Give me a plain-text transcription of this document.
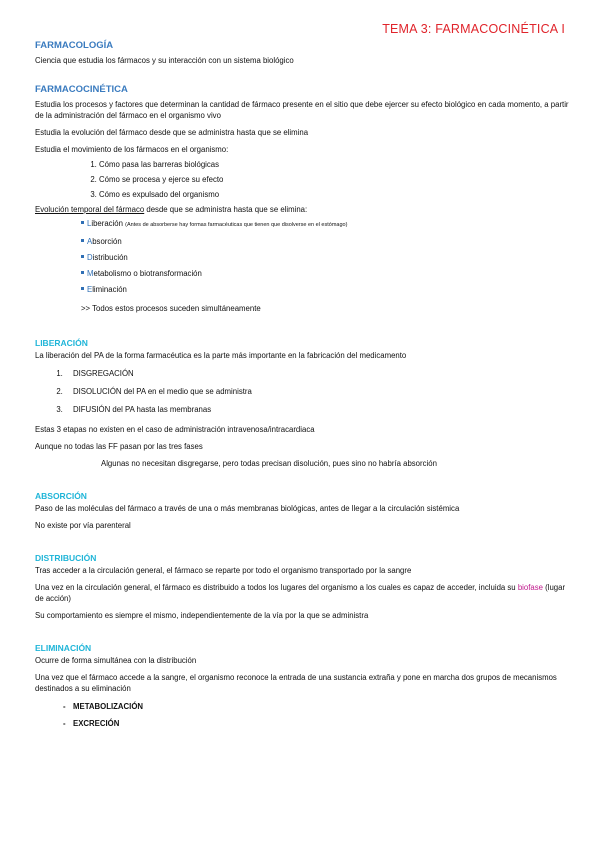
TEMA 3: FARMACOCINÉTICA I
FARMACOLOGÍA

Ciencia que estudia los fármacos y su interacción con un sistema biológico

FARMACOCINÉTICA

Estudia los procesos y factores que determinan la cantidad de fármaco presente en el sitio que debe ejercer su efecto biológico en cada momento, a partir de la administración del fármaco en el organismo vivo

Estudia la evolución del fármaco desde que se administra hasta que se elimina

Estudia el movimiento de los fármacos en el organismo:

1. Cómo pasa las barreras biológicas
2. Cómo se procesa y ejerce su efecto
3. Cómo es expulsado del organismo

Evolución temporal del fármaco desde que se administra hasta que se elimina:

Liberación (Antes de absorberse hay formas farmacéuticas que tienen que disolverse en el estómago)
Absorción
Distribución
Metabolismo o biotransformación
Eliminación

>> Todos estos procesos suceden simultáneamente

LIBERACIÓN

La liberación del PA de la forma farmacéutica es la parte más importante en la fabricación del medicamento

1. DISGREGACIÓN
2. DISOLUCIÓN del PA en el medio que se administra
3. DIFUSIÓN del PA hasta las membranas

Estas 3 etapas no existen en el caso de administración intravenosa/intracardiaca

Aunque no todas las FF pasan por las tres fases

Algunas no necesitan disgregarse, pero todas precisan disolución, pues sino no habría absorción

ABSORCIÓN

Paso de las moléculas del fármaco a través de una o más membranas biológicas, antes de llegar a la circulación sistémica

No existe por vía parenteral

DISTRIBUCIÓN

Tras acceder a la circulación general, el fármaco se reparte por todo el organismo transportado por la sangre

Una vez en la circulación general, el fármaco es distribuido a todos los lugares del organismo a los cuales es capaz de acceder, incluida su biofase (lugar de acción)

Su comportamiento es siempre el mismo, independientemente de la vía por la que se administra

ELIMINACIÓN

Ocurre de forma simultánea con la distribución

Una vez que el fármaco accede a la sangre, el organismo reconoce la entrada de una sustancia extraña y pone en marcha dos grupos de mecanismos destinados a su eliminación

- METABOLIZACIÓN
- EXCRECIÓN
